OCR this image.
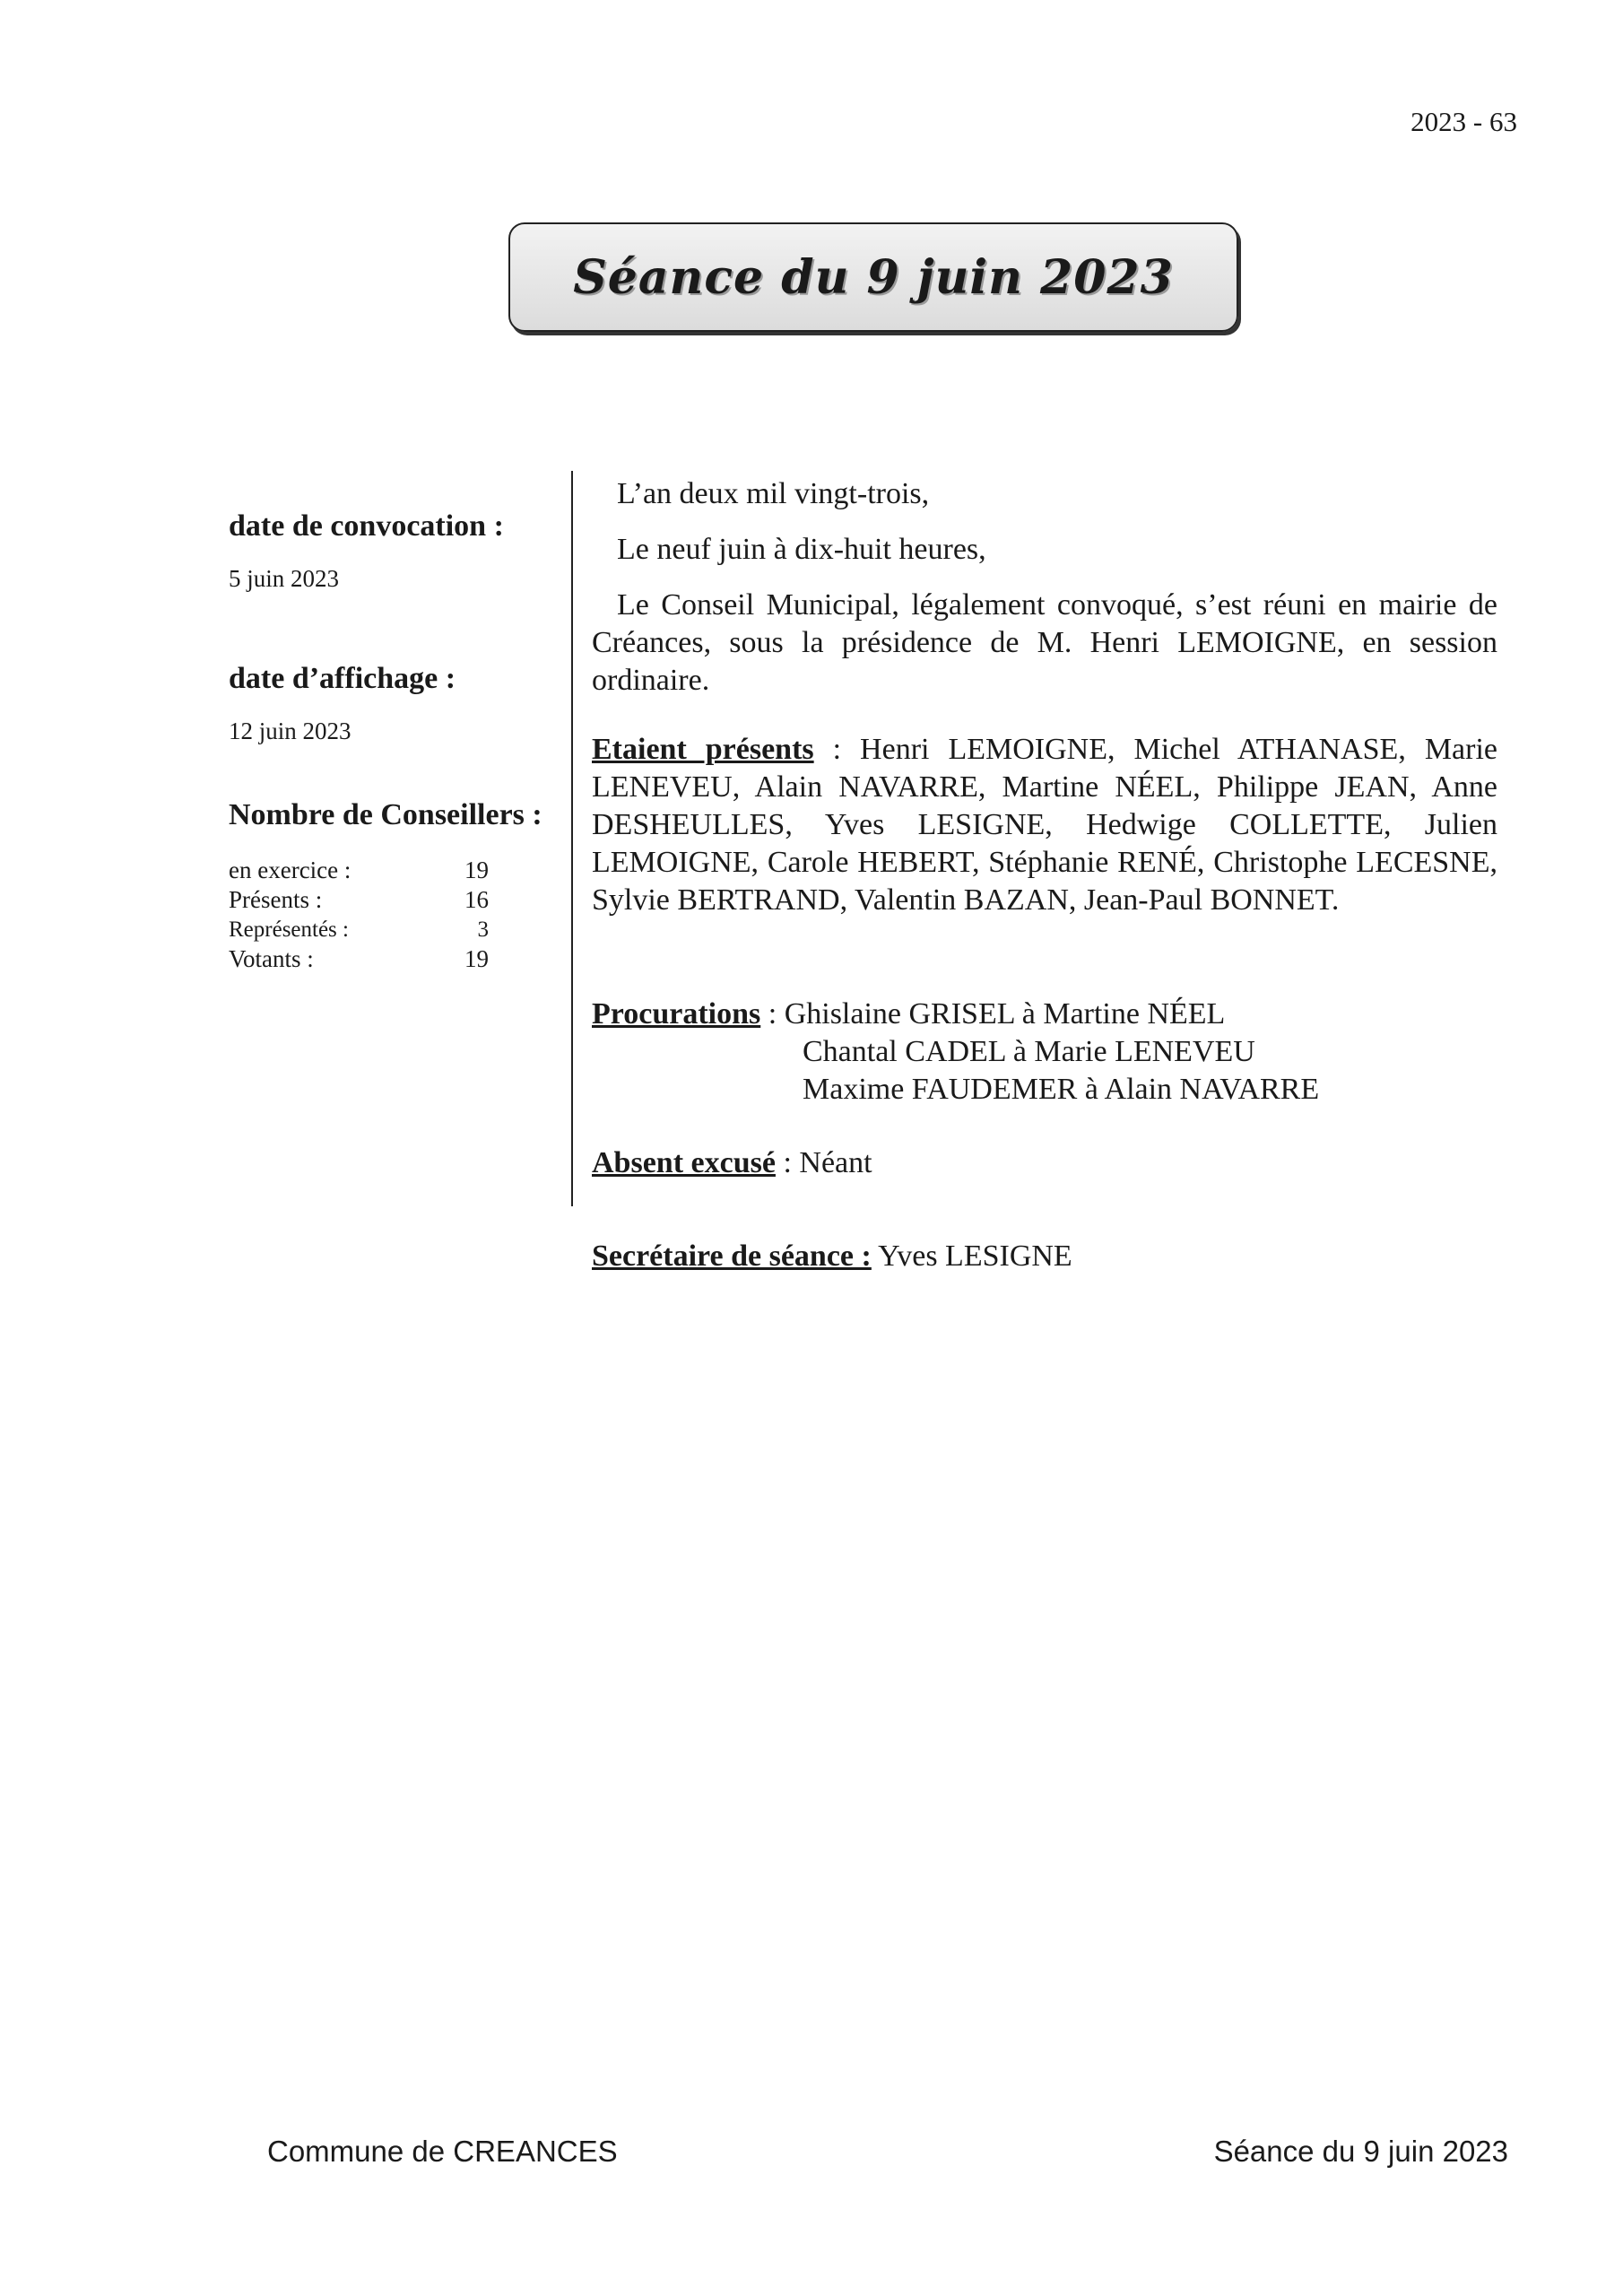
2023 - 63
Séance du 9 juin 2023
date de convocation :
5 juin 2023
date d’affichage :
12 juin 2023
Nombre de Conseillers :
en exercice :	19
Présents :	16
Représentés :	3
Votants :	19

L’an deux mil vingt-trois,

Le neuf juin à dix-huit heures,

Le Conseil Municipal, légalement convoqué, s’est réuni en mairie de Créances, sous la présidence de M. Henri LEMOIGNE, en session ordinaire.

Etaient présents : Henri LEMOIGNE, Michel ATHANASE, Marie LENEVEU, Alain NAVARRE, Martine NÉEL, Philippe JEAN, Anne DESHEULLES, Yves LESIGNE, Hedwige COLLETTE, Julien LEMOIGNE, Carole HEBERT, Stéphanie RENÉ, Christophe LECESNE, Sylvie BERTRAND, Valentin BAZAN, Jean-Paul BONNET.

Procurations : Ghislaine GRISEL à Martine NÉEL
Chantal CADEL à Marie LENEVEU
Maxime FAUDEMER à Alain NAVARRE

Absent excusé : Néant

Secrétaire de séance : Yves LESIGNE

Commune de CREANCES	Séance du 9 juin 2023
